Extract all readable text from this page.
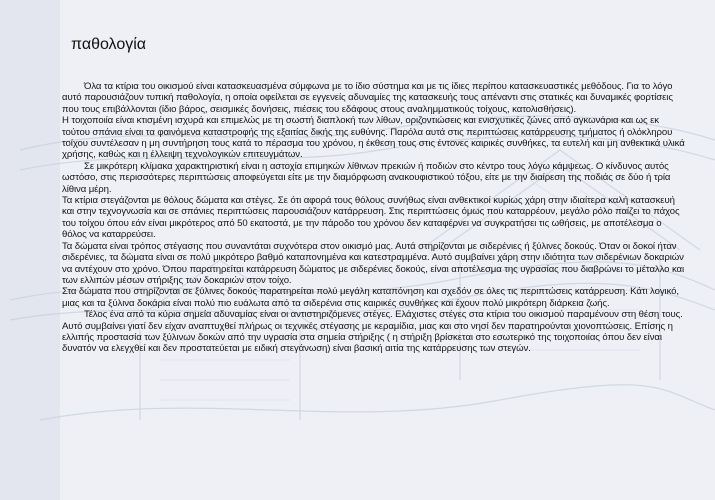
παθολογία

Όλα τα κτίρια του οικισμού είναι κατασκευασμένα σύμφωνα με το ίδιο σύστημα και με τις ίδιες περίπου κατασκευαστικές μεθόδους. Για το λόγο αυτό παρουσιάζουν τυπική παθολογία, η οποία οφείλεται σε εγγενείς αδυναμίες της κατασκευής τους απέναντι στις στατικές και δυναμικές φορτίσεις που τους επιβάλλονται (ίδιο βάρος, σεισμικές δονήσεις, πιέσεις του εδάφους στους αναλημματικούς τοίχους, κατολισθήσεις).

Η τοιχοποιία είναι κτισμένη ισχυρά και επιμελώς με τη σωστή διαπλοκή των λίθων, οριζοντιώσεις και ενισχυτικές ζώνες από αγκωνάρια και ως εκ τούτου σπάνια είναι τα φαινόμενα καταστροφής της εξαιτίας δικής της ευθύνης. Παρόλα αυτά στις περιπτώσεις κατάρρευσης τμήματος ή ολόκληρου τοίχου συντέλεσαν η μη συντήρηση τους κατά το πέρασμα του χρόνου, η έκθεση τους στις έντονες καιρικές συνθήκες, τα ευτελή και μη ανθεκτικά υλικά χρήσης, καθώς και η έλλειψη τεχνολογικών επιτευγμάτων.

Σε μικρότερη κλίμακα χαρακτηριστική είναι η αστοχία επιμηκών λίθινων πρεκιών ή ποδιών στο κέντρο τους λόγω κάμψεως. Ο κίνδυνος αυτός ωστόσο, στις περισσότερες περιπτώσεις αποφεύγεται είτε με την διαμόρφωση ανακουφιστικού τόξου, είτε με την διαίρεση της ποδιάς σε δύο ή τρία λίθινα μέρη.

Τα κτίρια στεγάζονται με θόλους δώματα και στέγες. Σε ότι αφορά τους θόλους συνήθως είναι ανθεκτικοί κυρίως χάρη στην ιδιαίτερα καλή κατασκευή και στην τεχνογνωσία και σε σπάνιες περιπτώσεις παρουσιάζουν κατάρρευση. Στις περιπτώσεις όμως που καταρρέουν, μεγάλο ρόλο παίζει το πάχος του τοίχου όπου εάν είναι μικρότερος από 50 εκατοστά, με την πάροδο του χρόνου δεν καταφέρνει να συγκρατήσει τις ωθήσεις, με αποτέλεσμα ο θόλος να καταρρεύσει.

Τα δώματα είναι τρόπος στέγασης που συναντάται συχνότερα στον οικισμό μας. Αυτά στηρίζονται με σιδερένιες ή ξύλινες δοκούς. Όταν οι δοκοί ήταν σιδερένιες, τα δώματα είναι σε πολύ μικρότερο βαθμό καταπονημένα και κατεστραμμένα. Αυτό συμβαίνει χάρη στην ιδιότητα των σιδερένιων δοκαριών να αντέχουν στο χρόνο. Όπου παρατηρείται κατάρρευση δώματος με σιδερένιες δοκούς, είναι αποτέλεσμα της υγρασίας που διαβρώνει το μέταλλο και των ελλιπών μέσων στήριξης των δοκαριών στον τοίχο.

Στα δώματα που στηρίζονται σε ξύλινες δοκούς παρατηρείται πολύ μεγάλη καταπόνηση και σχεδόν σε όλες τις περιπτώσεις κατάρρευση. Κάτι λογικό, μιας και τα ξύλινα δοκάρια είναι πολύ πιο ευάλωτα από τα σιδερένια στις καιρικές συνθήκες και έχουν πολύ μικρότερη διάρκεια ζωής.

Τέλος ένα από τα κύρια σημεία αδυναμίας είναι οι αντιστηριζόμενες στέγες. Ελάχιστες στέγες στα κτίρια του οικισμού παραμένουν στη θέση τους. Αυτό συμβαίνει γιατί δεν είχαν αναπτυχθεί πλήρως οι τεχνικές στέγασης με κεραμίδια, μιας και στο νησί δεν παρατηρούνται χιονοπτώσεις. Επίσης η ελλιπής προστασία των ξύλινων δοκών από την υγρασία στα σημεία στήριξης ( η στήριξη βρίσκεται στο εσωτερικό της τοιχοποιίας όπου δεν είναι δυνατόν να ελεγχθεί και δεν προστατεύεται με ειδική στεγάνωση) είναι βασική αιτία της κατάρρευσης των στεγών.
